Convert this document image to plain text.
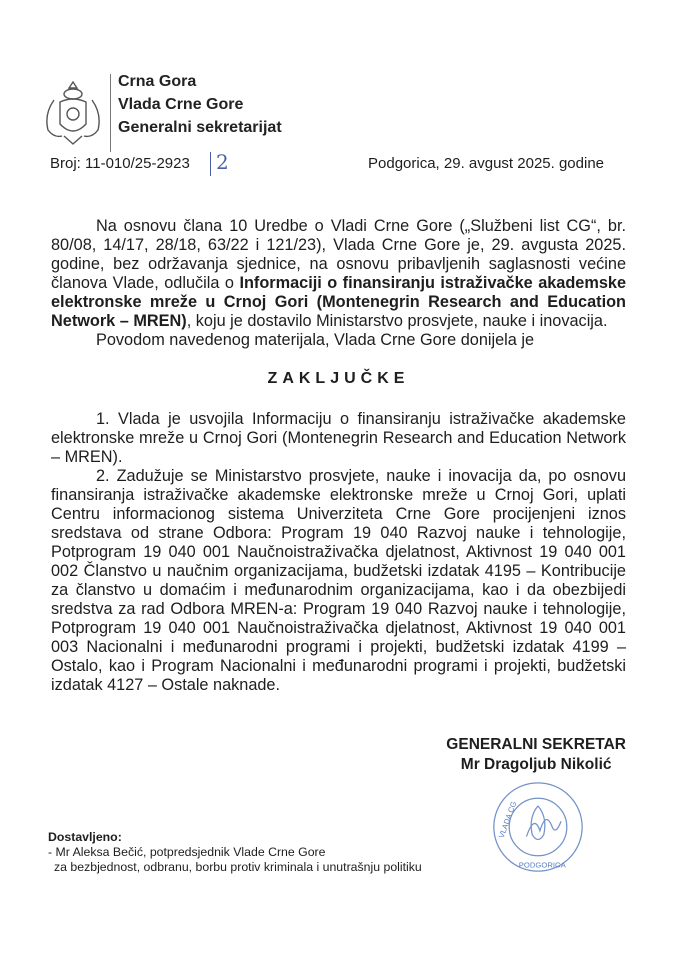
Crna Gora
Vlada Crne Gore
Generalni sekretarijat
Broj: 11-010/25-2923 2	Podgorica, 29. avgust 2025. godine

Na osnovu člana 10 Uredbe o Vladi Crne Gore („Službeni list CG“, br. 80/08, 14/17, 28/18, 63/22 i 121/23), Vlada Crne Gore je, 29. avgusta 2025. godine, bez održavanja sjednice, na osnovu pribavljenih saglasnosti većine članova Vlade, odlučila o Informaciji o finansiranju istraživačke akademske elektronske mreže u Crnoj Gori (Montenegrin Research and Education Network – MREN), koju je dostavilo Ministarstvo prosvjete, nauke i inovacija.

Povodom navedenog materijala, Vlada Crne Gore donijela je

ZAKLJUČKE

1. Vlada je usvojila Informaciju o finansiranju istraživačke akademske elektronske mreže u Crnoj Gori (Montenegrin Research and Education Network – MREN).

2. Zadužuje se Ministarstvo prosvjete, nauke i inovacija da, po osnovu finansiranja istraživačke akademske elektronske mreže u Crnoj Gori, uplati Centru informacionog sistema Univerziteta Crne Gore procijenjeni iznos sredstava od strane Odbora: Program 19 040 Razvoj nauke i tehnologije, Potprogram 19 040 001 Naučnoistraživačka djelatnost, Aktivnost 19 040 001 002 Članstvo u naučnim organizacijama, budžetski izdatak 4195 – Kontribucije za članstvo u domaćim i međunarodnim organizacijama, kao i da obezbijedi sredstva za rad Odbora MREN-a: Program 19 040 Razvoj nauke i tehnologije, Potprogram 19 040 001 Naučnoistraživačka djelatnost, Aktivnost 19 040 001 003 Nacionalni i međunarodni programi i projekti, budžetski izdatak 4199 – Ostalo, kao i Program Nacionalni i međunarodni programi i projekti, budžetski izdatak 4127 – Ostale naknade.

GENERALNI SEKRETAR
Mr Dragoljub Nikolić
Dostavljeno:
- Mr Aleksa Bečić, potpredsjednik Vlade Crne Gore
za bezbjednost, odbranu, borbu protiv kriminala i unutrašnju politiku
VLADA CG
PODGORICA
